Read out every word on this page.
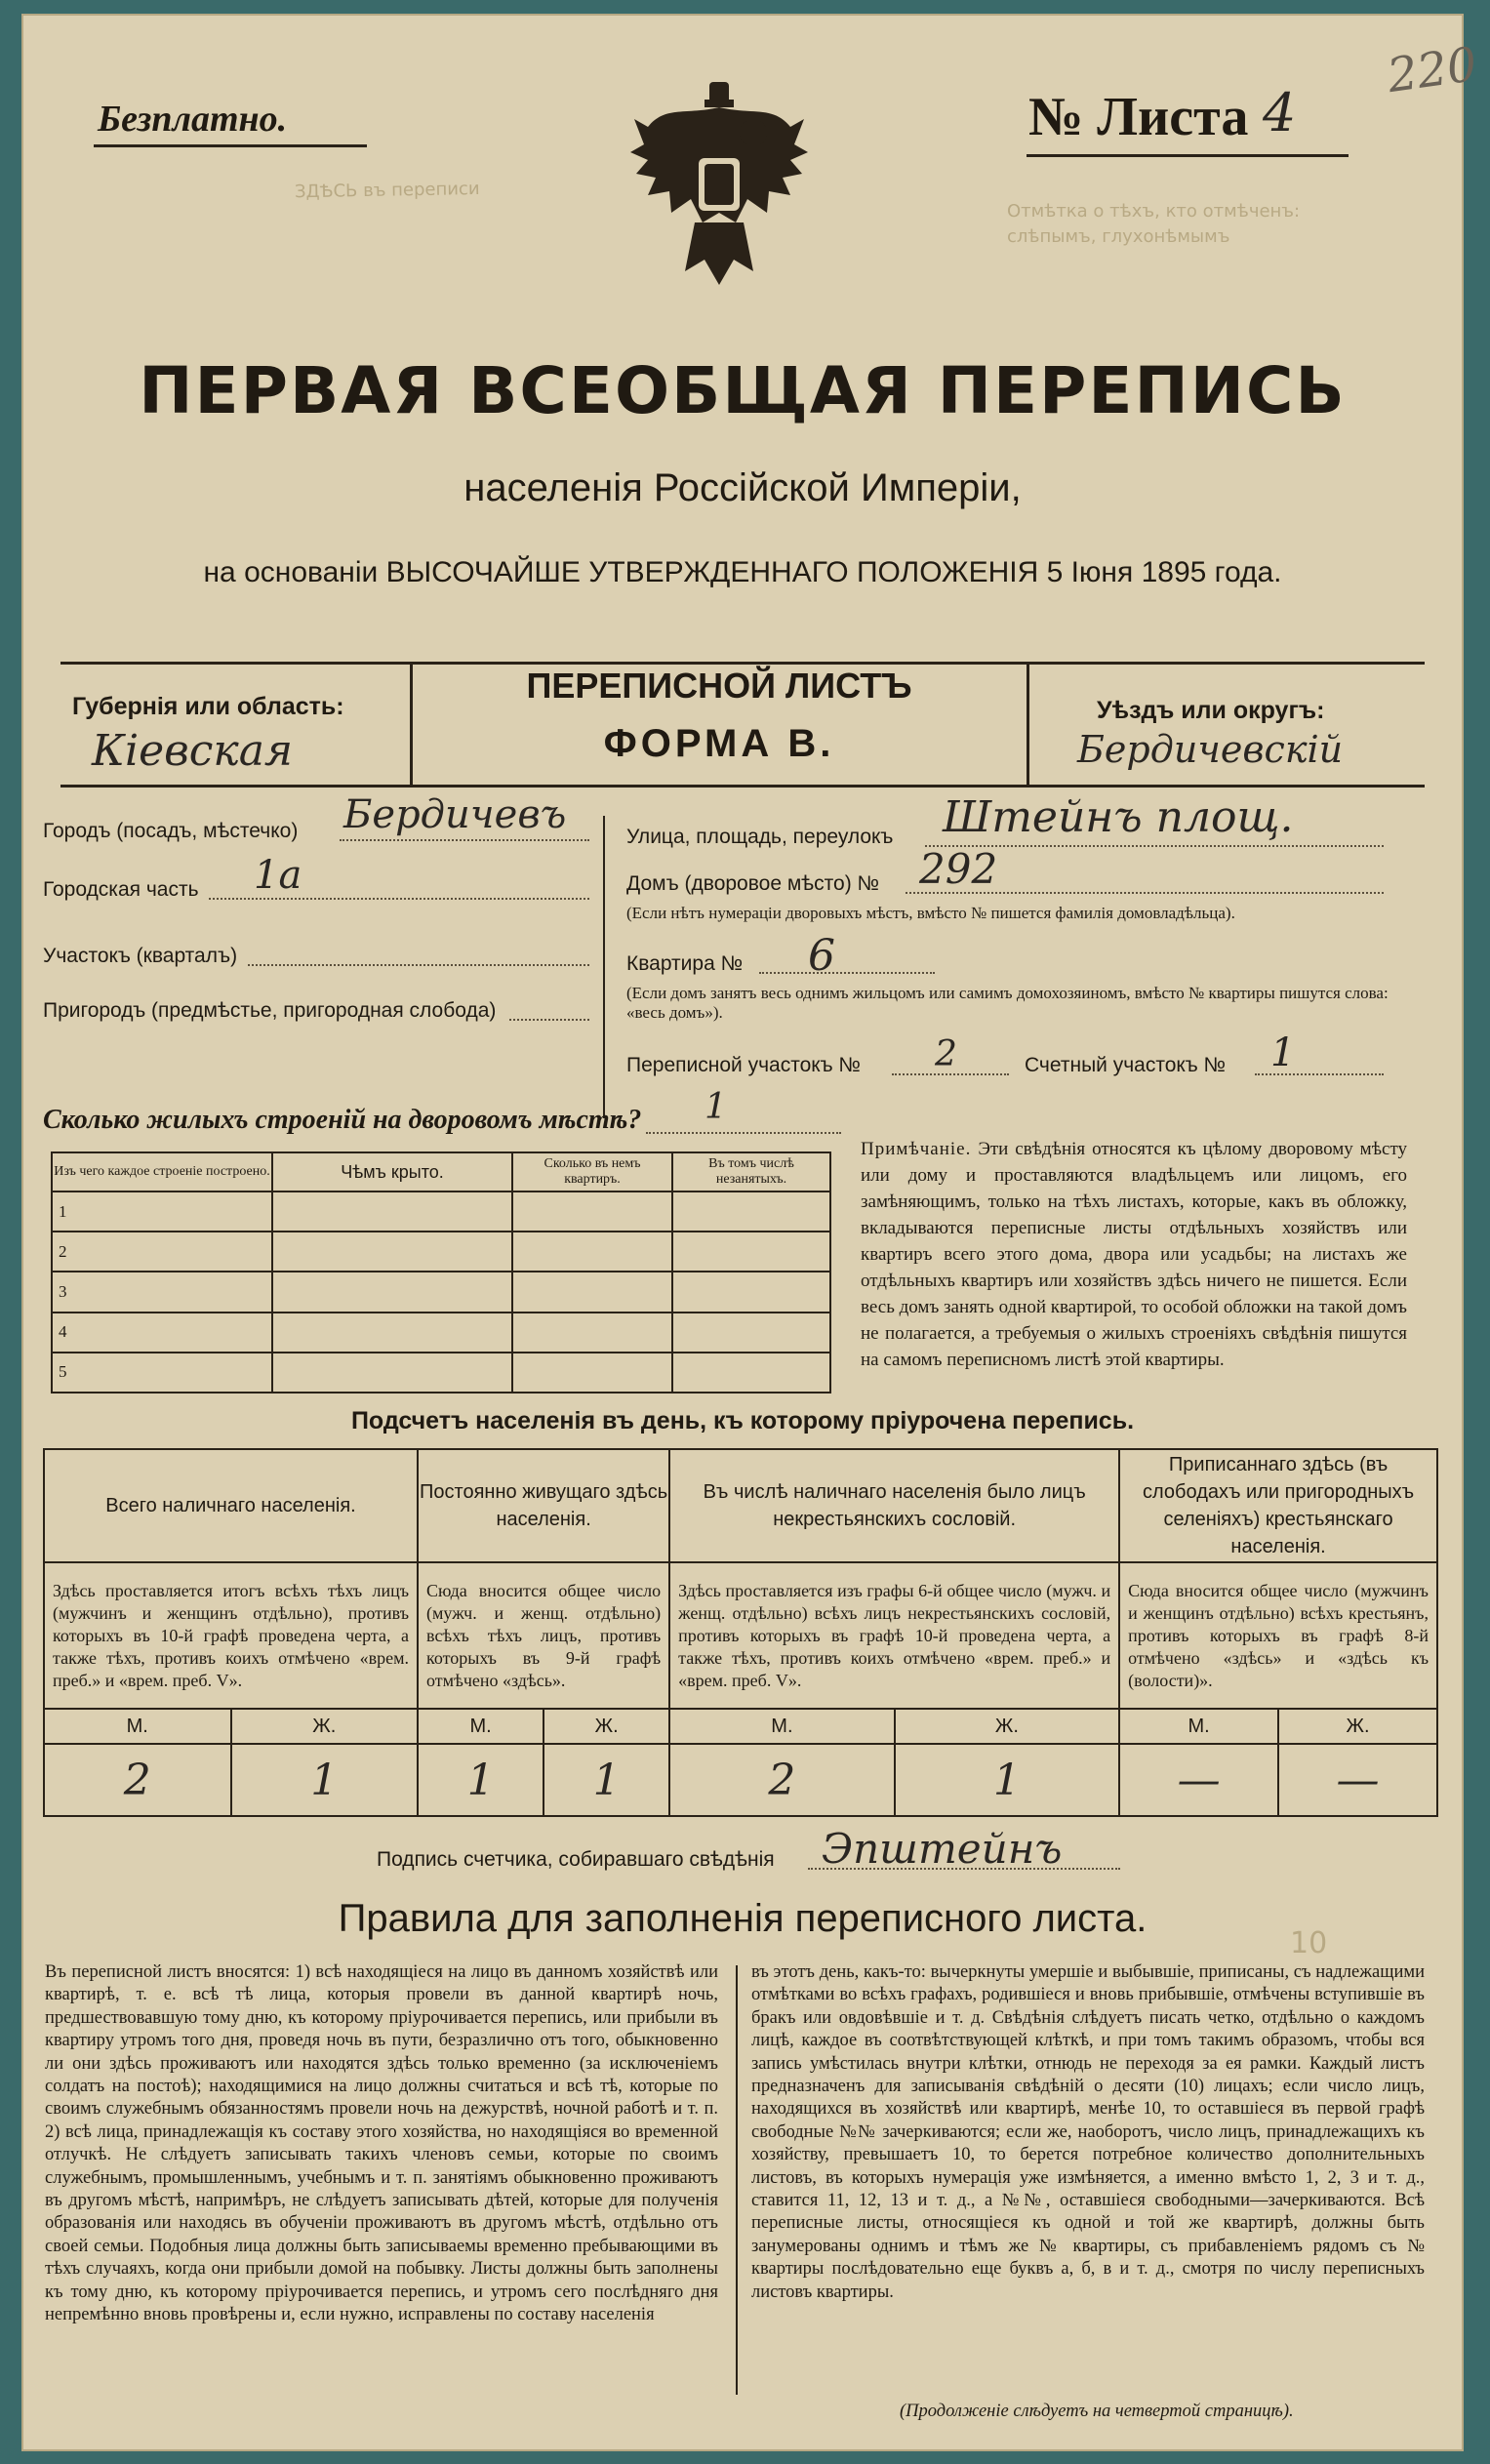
ЗДѢСЬ въ переписи
Отмѣтка о тѣхъ, кто отмѣченъ: слѣпымъ, глухонѣмымъ
10
Безплатно.	№ Листа 4
220
ПЕРВАЯ ВСЕОБЩАЯ ПЕРЕПИСЬ
населенія Россійской Имперіи,
на основаніи ВЫСОЧАЙШЕ УТВЕРЖДЕННАГО ПОЛОЖЕНІЯ 5 Іюня 1895 года.
Губернія или область:
Кіевская
ПЕРЕПИСНОЙ ЛИСТЪ
ФОРМА В.
Уѣздъ или округъ:
Бердичевскій
Городъ (посадъ, мѣстечко) Бердичевъ
Городская часть 1а
Участокъ (кварталъ)
Пригородъ (предмѣстье, пригородная слобода)
Улица, площадь, переулокъ Штейнъ площ.
Домъ (дворовое мѣсто) № 292
(Если нѣтъ нумераціи дворовыхъ мѣстъ, вмѣсто № пишется фамилія домовладѣльца).
Квартира № 6
(Если домъ занятъ весь однимъ жильцомъ или самимъ домохозяиномъ, вмѣсто № квартиры пишутся слова: «весь домъ»).
Переписной участокъ № 2	Счетный участокъ № 1
Сколько жилыхъ строеній на дворовомъ мѣстѣ? 1
Изъ чего каждое строеніе построено.	Чѣмъ крыто.	Сколько въ немъ квартиръ.	Въ томъ числѣ незанятыхъ.
1			
2			
3			
4			
5			
Примѣчаніе. Эти свѣдѣнія относятся къ цѣлому дворовому мѣсту или дому и проставляются владѣльцемъ или лицомъ, его замѣняющимъ, только на тѣхъ листахъ, которые, какъ въ обложку, вкладываются переписные листы отдѣльныхъ хозяйствъ или квартиръ всего этого дома, двора или усадьбы; на листахъ же отдѣльныхъ квартиръ или хозяйствъ здѣсь ничего не пишется. Если весь домъ занять одной квартирой, то особой обложки на такой домъ не полагается, а требуемыя о жилыхъ строеніяхъ свѣдѣнія пишутся на самомъ переписномъ листѣ этой квартиры.
Подсчетъ населенія въ день, къ которому пріурочена перепись.
Всего наличнаго населенія.		Постоянно живущаго здѣсь населенія.		Въ числѣ наличнаго населенія было лицъ некрестьянскихъ сословій.		Приписаннаго здѣсь (въ слободахъ или пригородныхъ селеніяхъ) крестьянскаго населенія.	
Здѣсь проставляется итогъ всѣхъ тѣхъ лицъ (мужчинъ и женщинъ отдѣльно), противъ которыхъ въ 10-й графѣ проведена черта, а также тѣхъ, противъ коихъ отмѣчено «врем. преб.» и «врем. преб. V».		Сюда вносится общее число (мужч. и женщ. отдѣльно) всѣхъ тѣхъ лицъ, противъ которыхъ въ 9-й графѣ отмѣчено «здѣсь».		Здѣсь проставляется изъ графы 6-й общее число (мужч. и женщ. отдѣльно) всѣхъ лицъ некрестьянскихъ сословій, противъ которыхъ въ графѣ 10-й проведена черта, а также тѣхъ, противъ коихъ отмѣчено «врем. преб.» и «врем. преб. V».		Сюда вносится общее число (мужчинъ и женщинъ отдѣльно) всѣхъ крестьянъ, противъ которыхъ въ графѣ 8-й отмѣчено «здѣсь» и «здѣсь къ (волости)».	
М.	Ж.	М.	Ж.	М.	Ж.	М.	Ж.
2	1	1	1	2	1	—	—
Подпись счетчика, собиравшаго свѣдѣнія Эпштейнъ
Правила для заполненія переписного листа.
Въ переписной листъ вносятся: 1) всѣ находящіеся на лицо въ данномъ хозяйствѣ или квартирѣ, т. е. всѣ тѣ лица, которыя провели въ данной квартирѣ ночь, предшествовавшую тому дню, къ которому пріурочивается перепись, или прибыли въ квартиру утромъ того дня, проведя ночь въ пути, безразлично отъ того, обыкновенно ли они здѣсь проживаютъ или находятся здѣсь только временно (за исключеніемъ солдатъ на постоѣ); находящимися на лицо должны считаться и всѣ тѣ, которые по своимъ служебнымъ обязанностямъ провели ночь на дежурствѣ, ночной работѣ и т. п. 2) всѣ лица, принадлежащія къ составу этого хозяйства, но находящіяся во временной отлучкѣ. Не слѣдуетъ записывать такихъ членовъ семьи, которые по своимъ служебнымъ, промышленнымъ, учебнымъ и т. п. занятіямъ обыкновенно проживаютъ въ другомъ мѣстѣ, напримѣръ, не слѣдуетъ записывать дѣтей, которые для полученія образованія или находясь въ обученіи проживаютъ въ другомъ мѣстѣ, отдѣльно отъ своей семьи. Подобныя лица должны быть записываемы временно пребывающими въ тѣхъ случаяхъ, когда они прибыли домой на побывку. Листы должны быть заполнены къ тому дню, къ которому пріурочивается перепись, и утромъ сего послѣдняго дня непремѣнно вновь провѣрены и, если нужно, исправлены по составу населенія
въ этотъ день, какъ-то: вычеркнуты умершіе и выбывшіе, приписаны, съ надлежащими отмѣтками во всѣхъ графахъ, родившіеся и вновь прибывшіе, отмѣчены вступившіе въ бракъ или овдовѣвшіе и т. д. Свѣдѣнія слѣдуетъ писать четко, отдѣльно о каждомъ лицѣ, каждое въ соотвѣтствующей клѣткѣ, и при томъ такимъ образомъ, чтобы вся запись умѣстилась внутри клѣтки, отнюдь не переходя за ея рамки. Каждый листъ предназначенъ для записыванія свѣдѣній о десяти (10) лицахъ; если число лицъ, находящихся въ хозяйствѣ или квартирѣ, менѣе 10, то оставшіеся въ первой графѣ свободные №№ зачеркиваются; если же, наоборотъ, число лицъ, принадлежащихъ къ хозяйству, превышаетъ 10, то берется потребное количество дополнительныхъ листовъ, въ которыхъ нумерація уже измѣняется, а именно вмѣсто 1, 2, 3 и т. д., ставится 11, 12, 13 и т. д., а №№, оставшіеся свободными—зачеркиваются. Всѣ переписные листы, относящіеся къ одной и той же квартирѣ, должны быть занумерованы однимъ и тѣмъ же № квартиры, съ прибавленіемъ рядомъ съ № квартиры послѣдовательно еще буквъ а, б, в и т. д., смотря по числу переписныхъ листовъ квартиры.
(Продолженіе слѣдуетъ на четвертой страницѣ).
